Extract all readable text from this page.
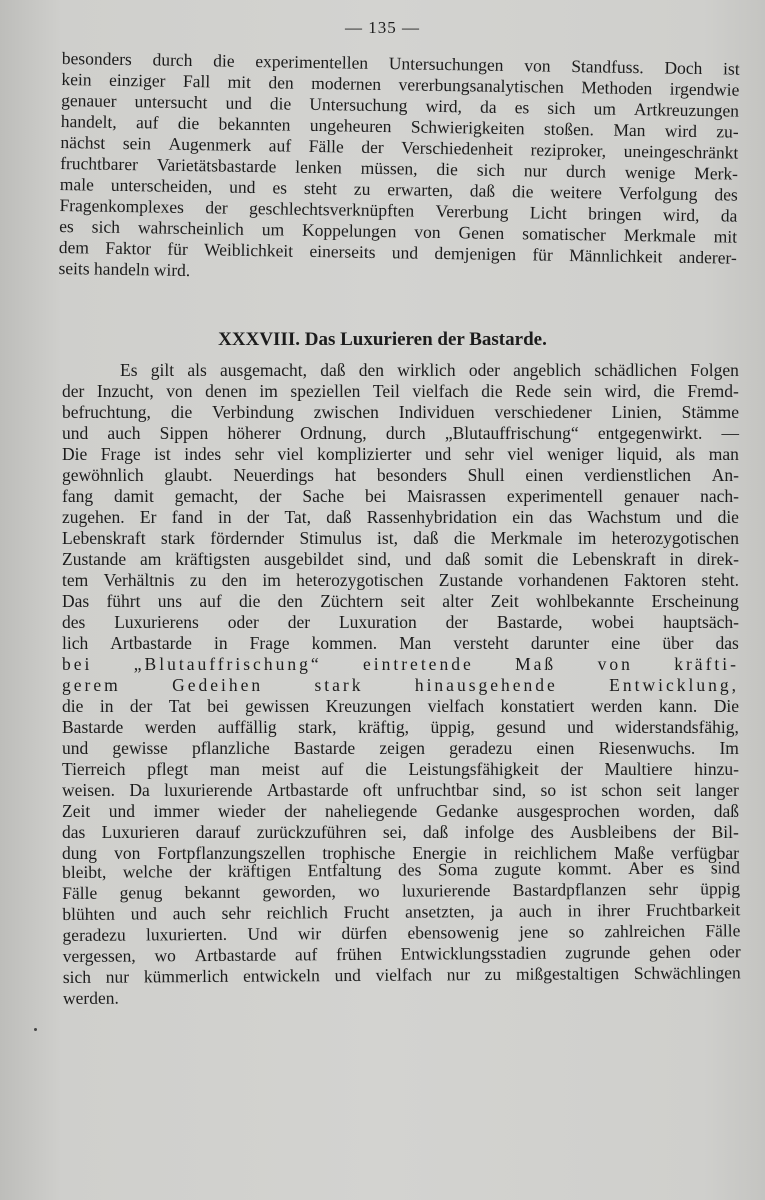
— 135 —
besonders durch die experimentellen Untersuchungen von Standfuss. Doch ist
kein einziger Fall mit den modernen vererbungsanalytischen Methoden irgendwie
genauer untersucht und die Untersuchung wird, da es sich um Artkreuzungen
handelt, auf die bekannten ungeheuren Schwierigkeiten stoßen. Man wird zu-
nächst sein Augenmerk auf Fälle der Verschiedenheit reziproker, uneingeschränkt
fruchtbarer Varietätsbastarde lenken müssen, die sich nur durch wenige Merk-
male unterscheiden, und es steht zu erwarten, daß die weitere Verfolgung des
Fragenkomplexes der geschlechtsverknüpften Vererbung Licht bringen wird, da
es sich wahrscheinlich um Koppelungen von Genen somatischer Merkmale mit
dem Faktor für Weiblichkeit einerseits und demjenigen für Männlichkeit anderer-
seits handeln wird.
XXXVIII. Das Luxurieren der Bastarde.
Es gilt als ausgemacht, daß den wirklich oder angeblich schädlichen Folgen
der Inzucht, von denen im speziellen Teil vielfach die Rede sein wird, die Fremd-
befruchtung, die Verbindung zwischen Individuen verschiedener Linien, Stämme
und auch Sippen höherer Ordnung, durch „Blutauffrischung“ entgegenwirkt. —
Die Frage ist indes sehr viel komplizierter und sehr viel weniger liquid, als man
gewöhnlich glaubt. Neuerdings hat besonders Shull einen verdienstlichen An-
fang damit gemacht, der Sache bei Maisrassen experimentell genauer nach-
zugehen. Er fand in der Tat, daß Rassenhybridation ein das Wachstum und die
Lebenskraft stark fördernder Stimulus ist, daß die Merkmale im heterozygotischen
Zustande am kräftigsten ausgebildet sind, und daß somit die Lebenskraft in direk-
tem Verhältnis zu den im heterozygotischen Zustande vorhandenen Faktoren steht.
Das führt uns auf die den Züchtern seit alter Zeit wohlbekannte Erscheinung
des Luxurierens oder der Luxuration der Bastarde, wobei hauptsäch-
lich Artbastarde in Frage kommen. Man versteht darunter eine über das
bei „Blutauffrischung“ eintretende Maß von kräfti-
gerem	Gedeihen	stark	hinausgehende	Entwicklung,
die in der Tat bei gewissen Kreuzungen vielfach konstatiert werden kann. Die
Bastarde werden auffällig stark, kräftig, üppig, gesund und widerstandsfähig,
und gewisse pflanzliche Bastarde zeigen geradezu einen Riesenwuchs. Im
Tierreich pflegt man meist auf die Leistungsfähigkeit der Maultiere hinzu-
weisen. Da luxurierende Artbastarde oft unfruchtbar sind, so ist schon seit langer
Zeit und immer wieder der naheliegende Gedanke ausgesprochen worden, daß
das Luxurieren darauf zurückzuführen sei, daß infolge des Ausbleibens der Bil-
dung von Fortpflanzungszellen trophische Energie in reichlichem Maße verfügbar
bleibt, welche der kräftigen Entfaltung des Soma zugute kommt. Aber es sind
Fälle genug bekannt geworden, wo luxurierende Bastardpflanzen sehr üppig
blühten und auch sehr reichlich Frucht ansetzten, ja auch in ihrer Fruchtbarkeit
geradezu luxurierten. Und wir dürfen ebensowenig jene so zahlreichen Fälle
vergessen, wo Artbastarde auf frühen Entwicklungsstadien zugrunde gehen oder
sich nur kümmerlich entwickeln und vielfach nur zu mißgestaltigen Schwächlingen
werden.
